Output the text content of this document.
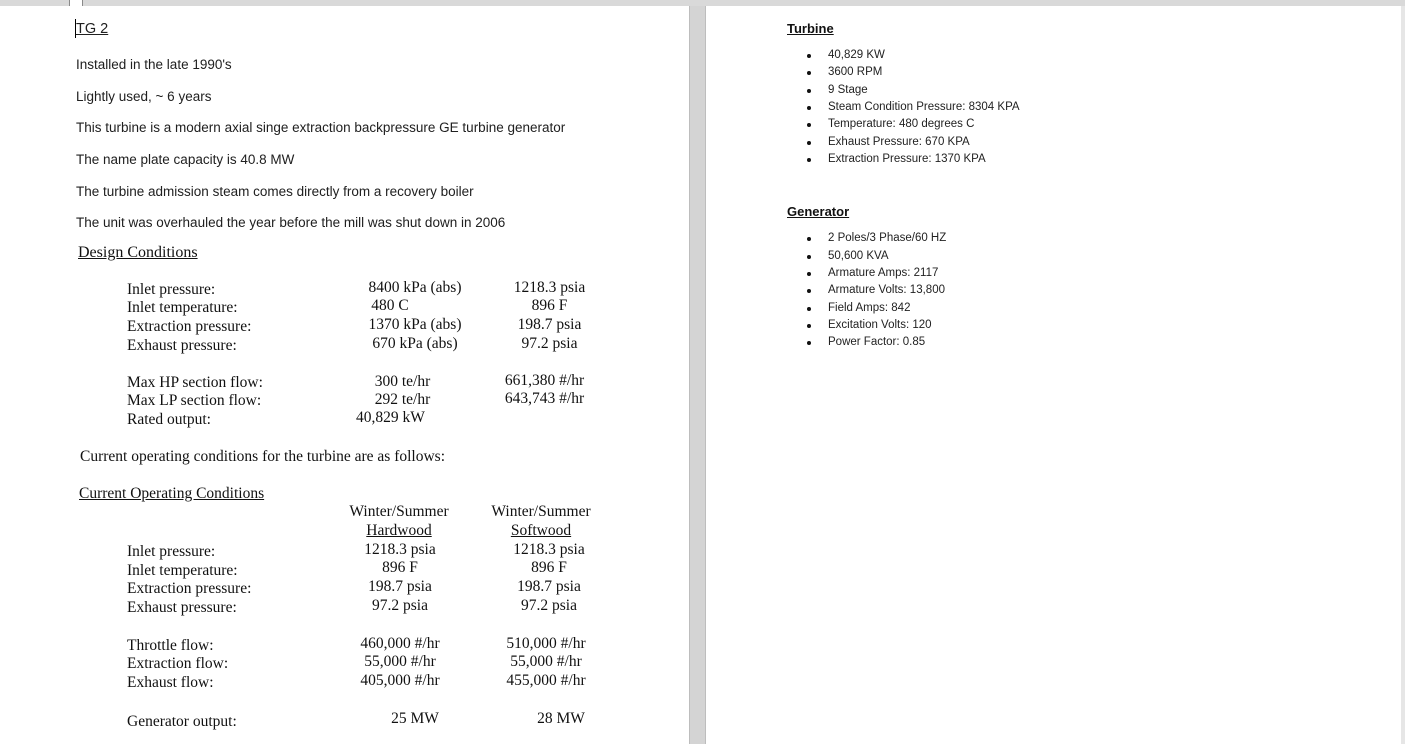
TG 2
Installed in the late 1990's
Lightly used, ~ 6 years
This turbine is a modern axial singe extraction backpressure GE turbine generator
The name plate capacity is 40.8 MW
The turbine admission steam comes directly from a recovery boiler
The unit was overhauled the year before the mill was shut down in 2006
Design Conditions
Inlet pressure:	8400 kPa (abs)	1218.3 psia
Inlet temperature:	480 C	896 F
Extraction pressure:	1370 kPa (abs)	198.7 psia
Exhaust pressure:	670 kPa (abs)	97.2 psia
Max HP section flow:	300 te/hr	661,380 #/hr
Max LP section flow:	292 te/hr	643,743 #/hr
Rated output:	40,829 kW
Current operating conditions for the turbine are as follows:
Current Operating Conditions
Winter/Summer
Hardwood
Winter/Summer
Softwood
Inlet pressure:	1218.3 psia	1218.3 psia
Inlet temperature:	896 F	896 F
Extraction pressure:	198.7 psia	198.7 psia
Exhaust pressure:	97.2 psia	97.2 psia
Throttle flow:	460,000 #/hr	510,000 #/hr
Extraction flow:	55,000 #/hr	55,000 #/hr
Exhaust flow:	405,000 #/hr	455,000 #/hr
Generator output:	25 MW	28 MW
Turbine
40,829 KW
3600 RPM
9 Stage
Steam Condition Pressure: 8304 KPA
Temperature: 480 degrees C
Exhaust Pressure: 670 KPA
Extraction Pressure: 1370 KPA
Generator
2 Poles/3 Phase/60 HZ
50,600 KVA
Armature Amps: 2117
Armature Volts: 13,800
Field Amps: 842
Excitation Volts: 120
Power Factor: 0.85
